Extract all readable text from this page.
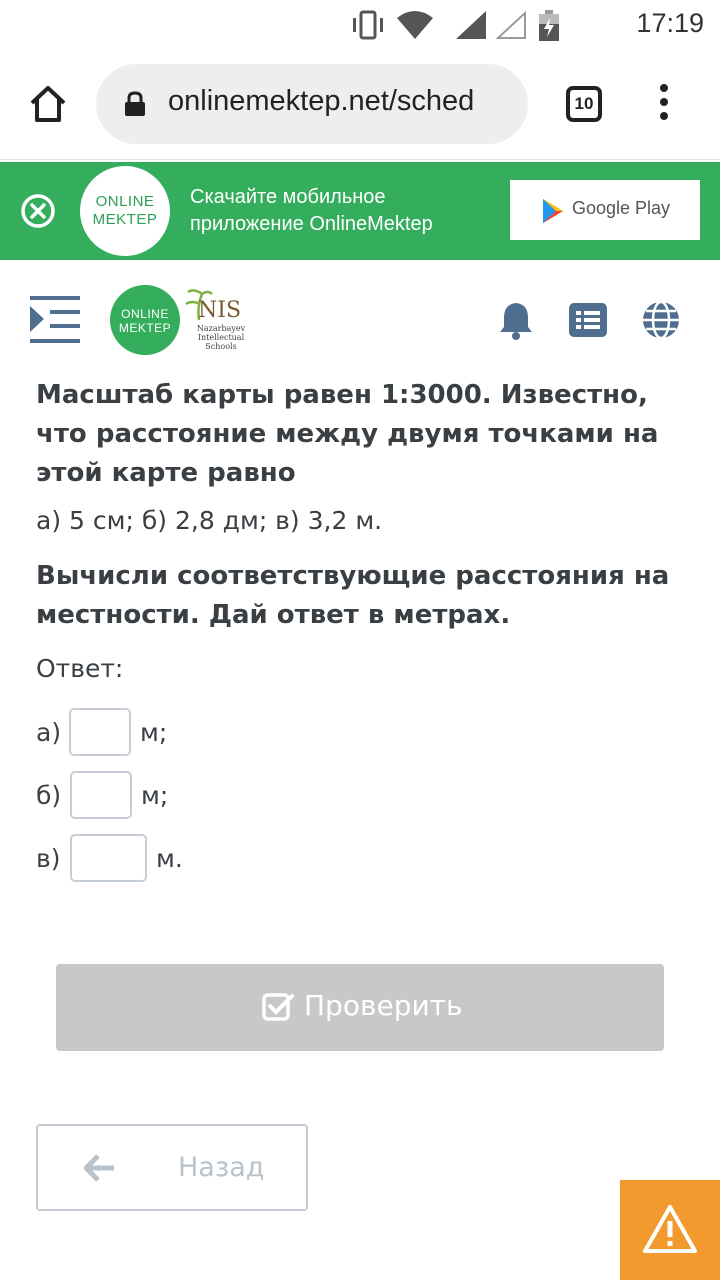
17:19
onlinemektep.net/sched	10
ONLINE
MEKTEP
Скачайте мобильное
приложение OnlineMektep
Google Play
ONLINE
MEKTEP
NIS
Nazarbayev Intellectual Schools
Масштаб карты равен 1:3000. Известно, что расстояние между двумя точками на этой карте равно
а) 5 см; б) 2,8 дм; в) 3,2 м.
Вычисли соответствующие расстояния на местности. Дай ответ в метрах.
Ответ:
а)	м;
б)	м;
в)	м.
Проверить
Назад
